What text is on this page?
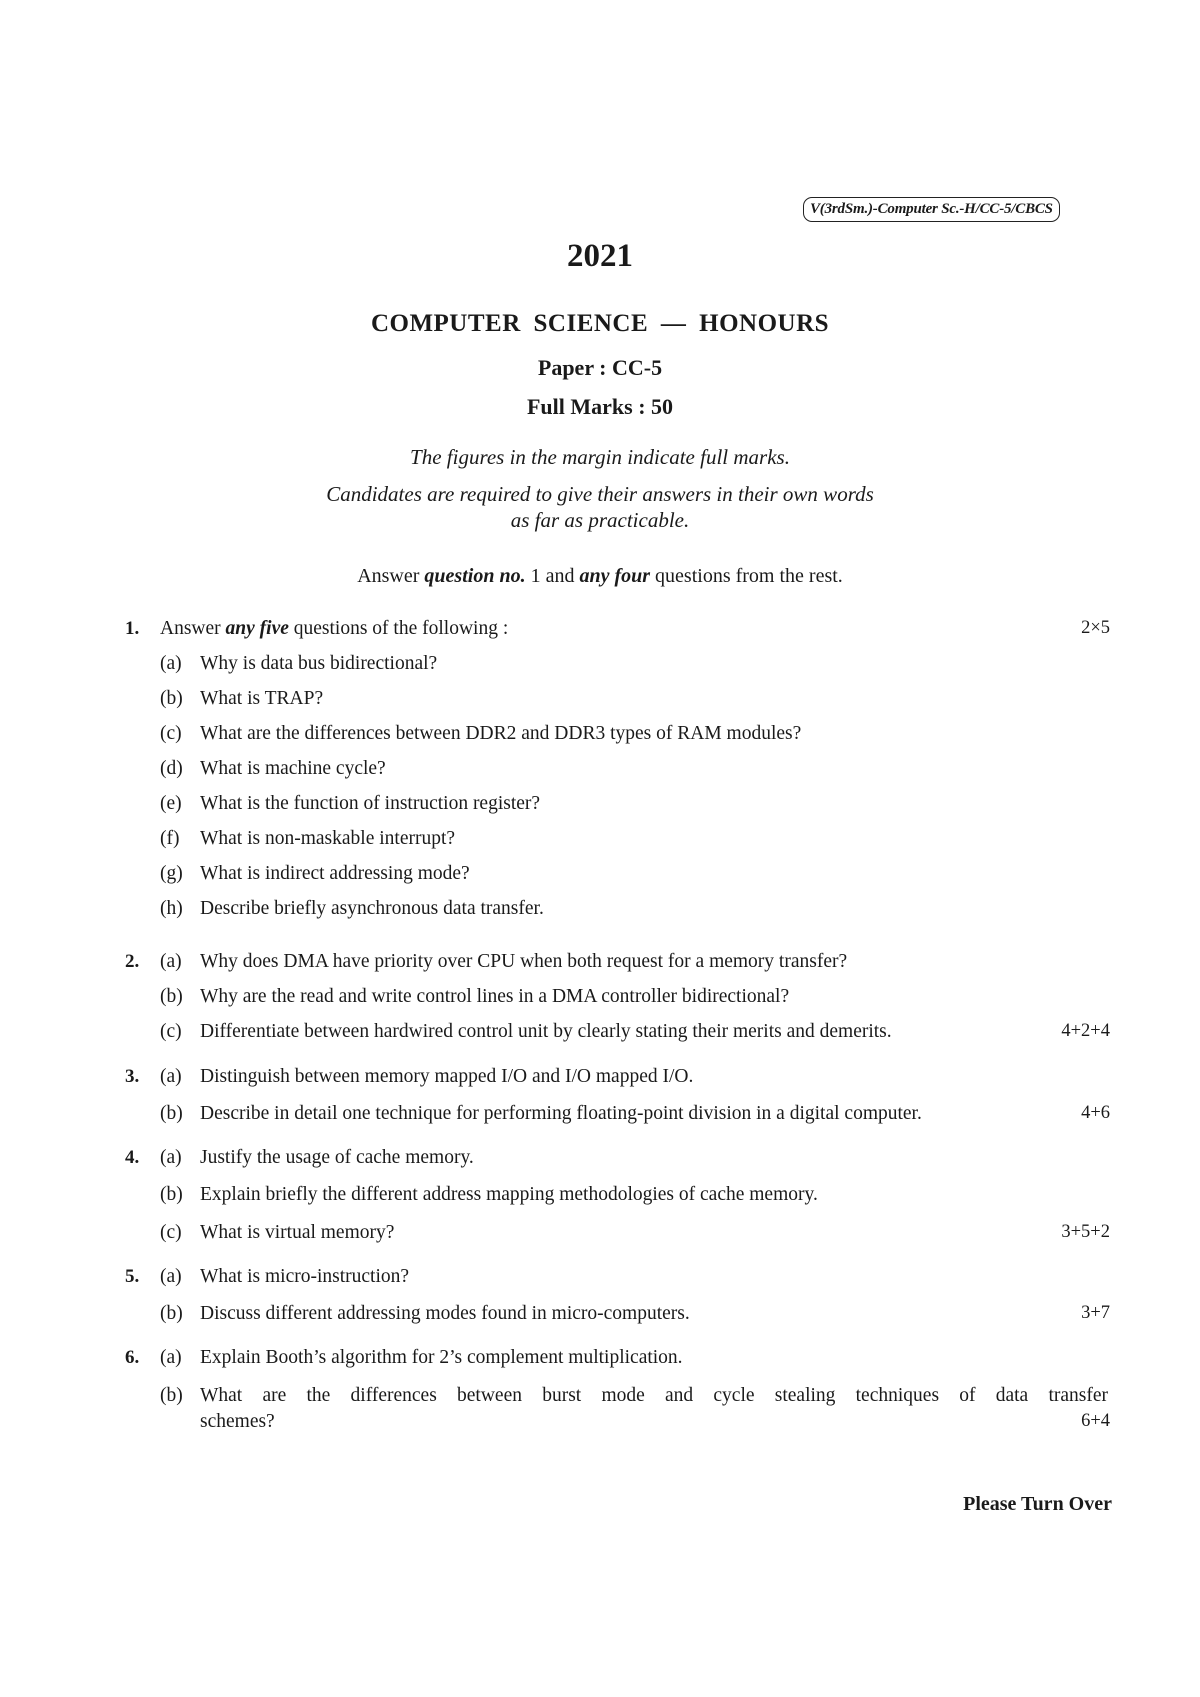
V(3rdSm.)-Computer Sc.-H/CC-5/CBCS
2021
COMPUTER SCIENCE — HONOURS
Paper : CC-5
Full Marks : 50
The figures in the margin indicate full marks.
Candidates are required to give their answers in their own words
as far as practicable.
Answer question no. 1 and any four questions from the rest.
1. Answer any five questions of the following :	2×5
(a) Why is data bus bidirectional?
(b) What is TRAP?
(c) What are the differences between DDR2 and DDR3 types of RAM modules?
(d) What is machine cycle?
(e) What is the function of instruction register?
(f) What is non-maskable interrupt?
(g) What is indirect addressing mode?
(h) Describe briefly asynchronous data transfer.
2. (a) Why does DMA have priority over CPU when both request for a memory transfer?
(b) Why are the read and write control lines in a DMA controller bidirectional?
(c) Differentiate between hardwired control unit by clearly stating their merits and demerits.	4+2+4
3. (a) Distinguish between memory mapped I/O and I/O mapped I/O.
(b) Describe in detail one technique for performing floating-point division in a digital computer.	4+6
4. (a) Justify the usage of cache memory.
(b) Explain briefly the different address mapping methodologies of cache memory.
(c) What is virtual memory?	3+5+2
5. (a) What is micro-instruction?
(b) Discuss different addressing modes found in micro-computers.	3+7
6. (a) Explain Booth’s algorithm for 2’s complement multiplication.
(b) What are the differences between burst mode and cycle stealing techniques of data transfer
schemes?	6+4
Please Turn Over
